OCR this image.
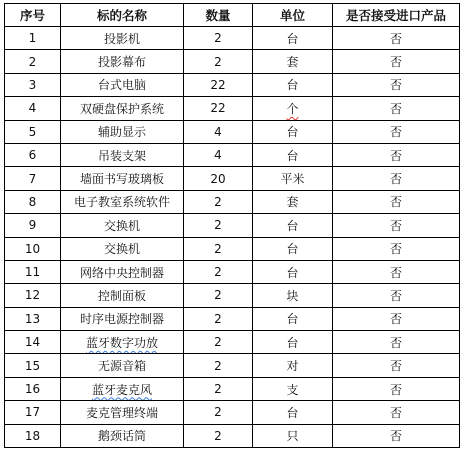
序号	标的名称	数量	单位	是否接受进口产品
1	投影机	2	台	否
2	投影幕布	2	套	否
3	台式电脑	22	台	否
4	双硬盘保护系统	22	个	否
5	辅助显示	4	台	否
6	吊装支架	4	台	否
7	墙面书写玻璃板	20	平米	否
8	电子教室系统软件	2	套	否
9	交换机	2	台	否
10	交换机	2	台	否
11	网络中央控制器	2	台	否
12	控制面板	2	块	否
13	时序电源控制器	2	台	否
14	蓝牙数字功放	2	台	否
15	无源音箱	2	对	否
16	蓝牙麦克风	2	支	否
17	麦克管理终端	2	台	否
18	鹅颈话筒	2	只	否
